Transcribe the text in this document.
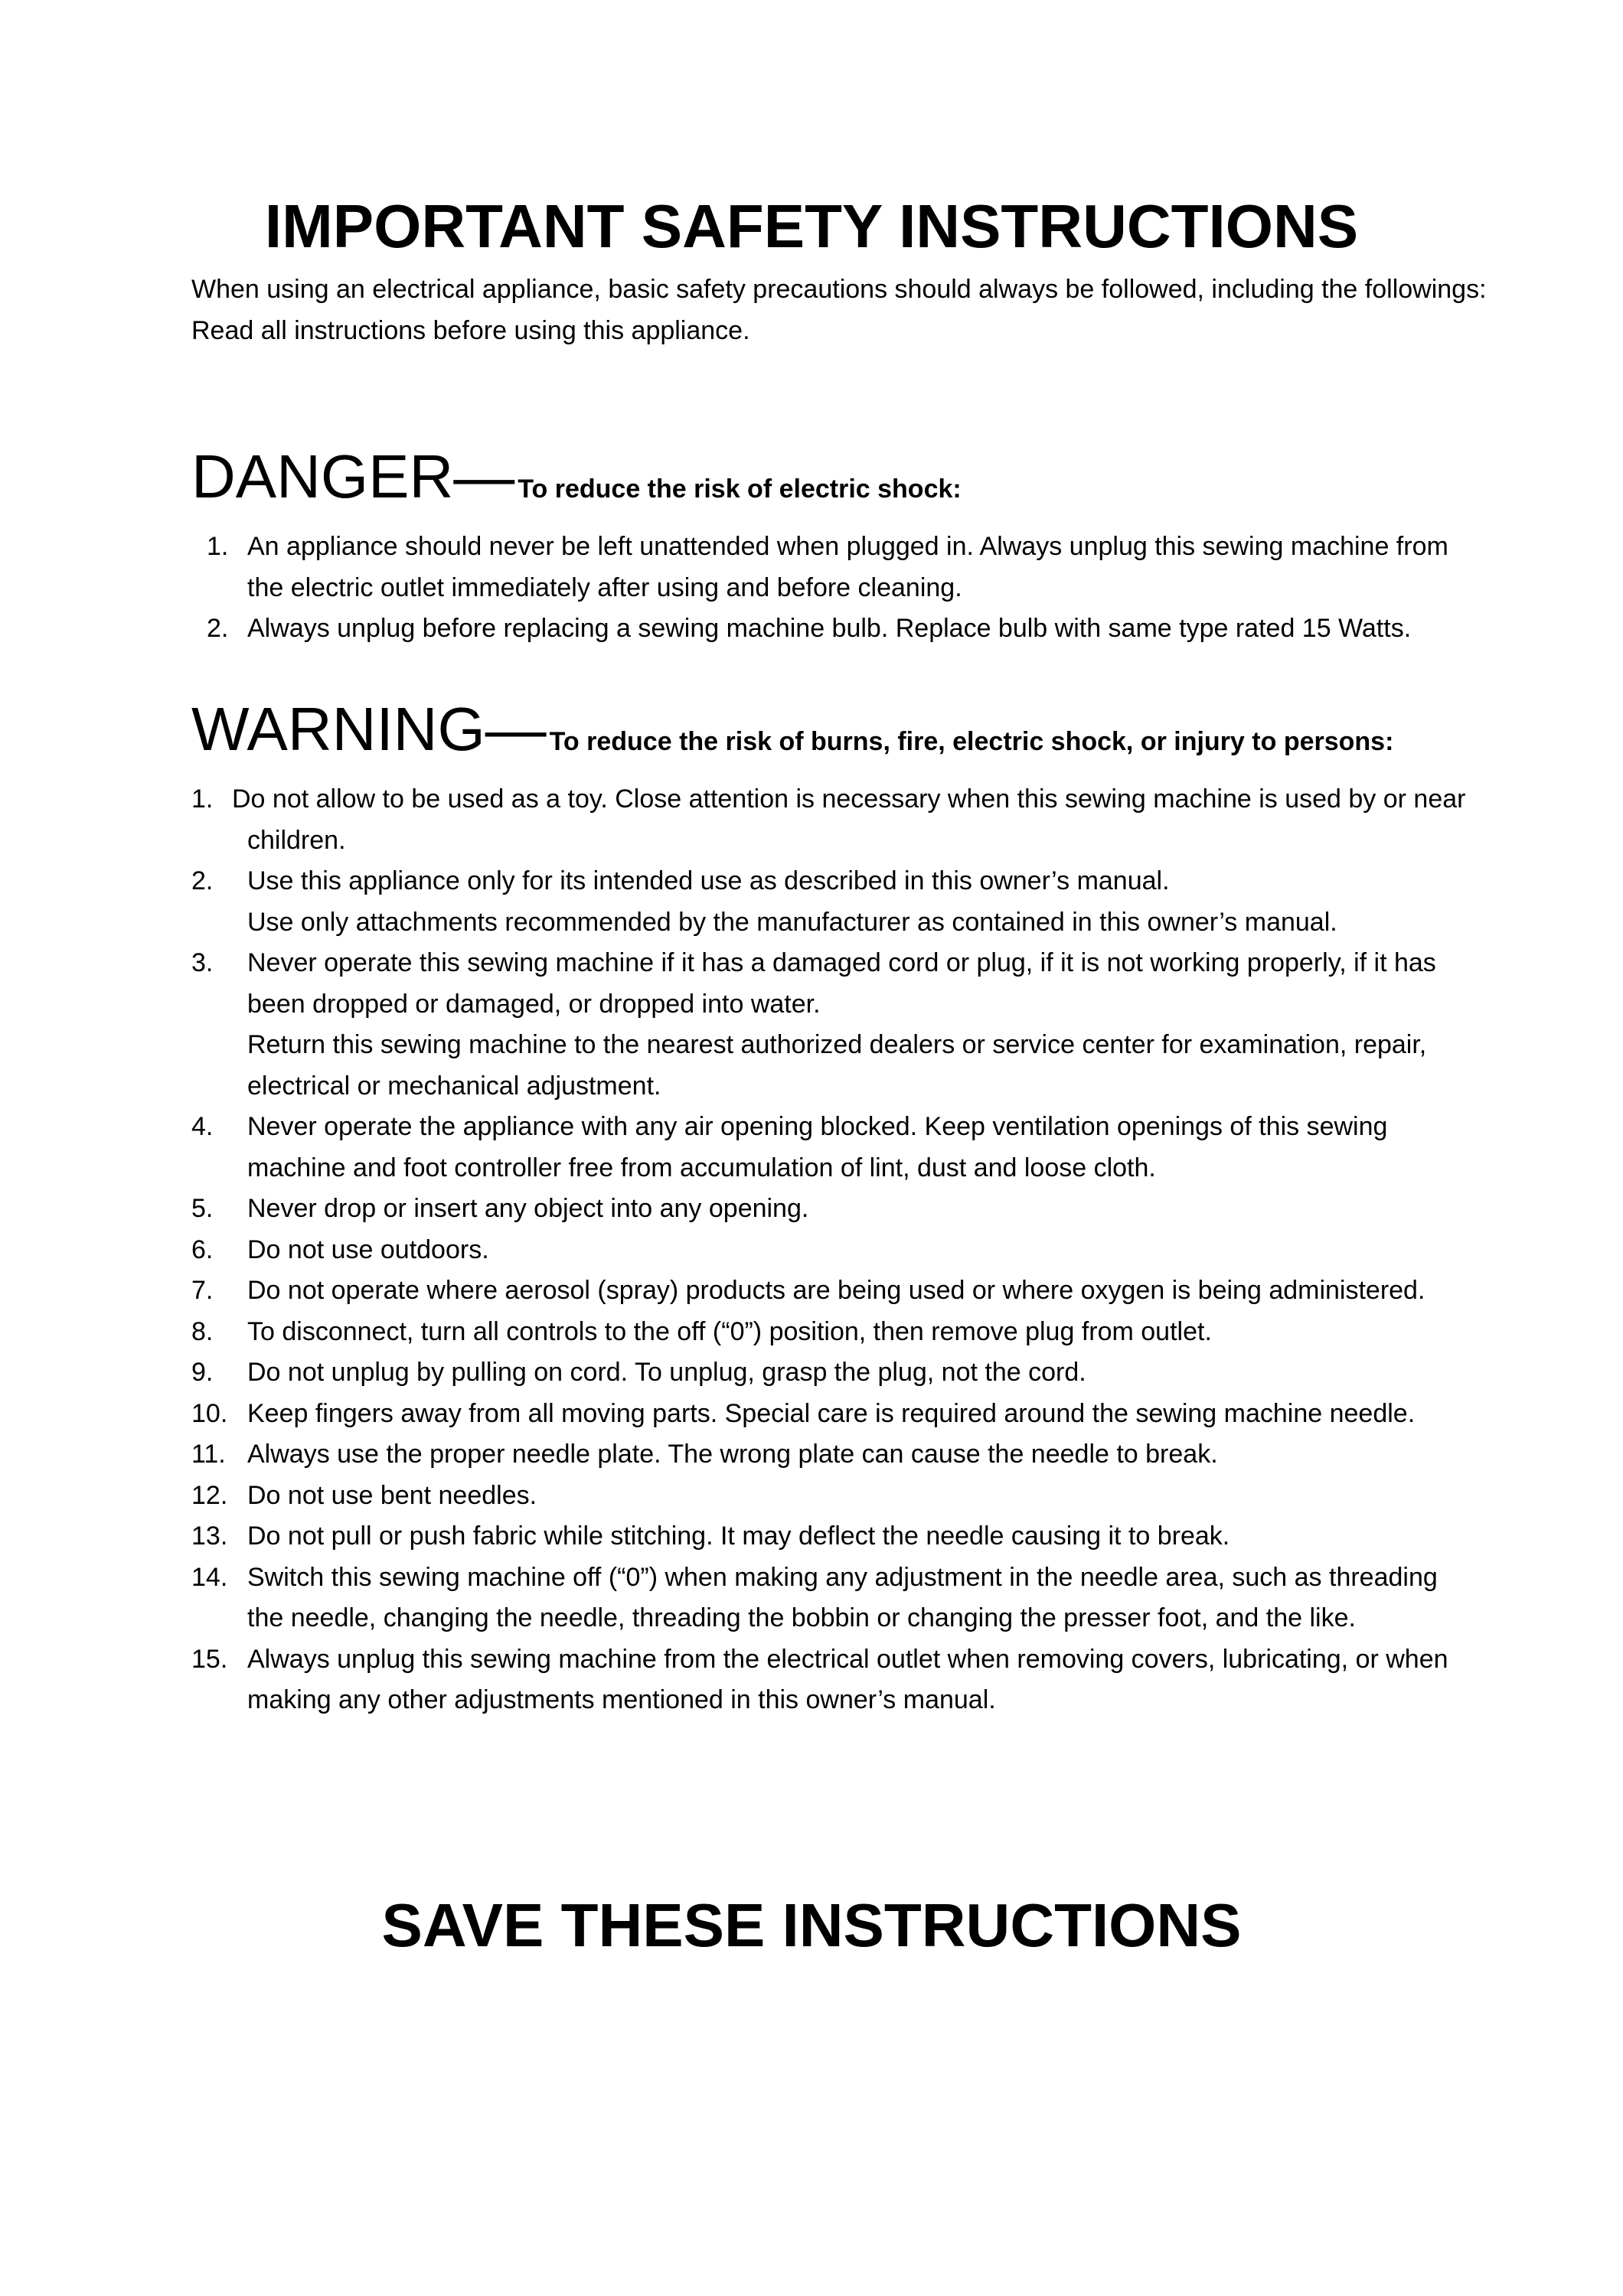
IMPORTANT SAFETY INSTRUCTIONS

When using an electrical appliance, basic safety precautions should always be followed, including the followings:

Read all instructions before using this appliance.

DANGER— To reduce the risk of electric shock:
1. An appliance should never be left unattended when plugged in. Always unplug this sewing machine from the electric outlet immediately after using and before cleaning.

2. Always unplug before replacing a sewing machine bulb. Replace bulb with same type rated 15 Watts.

WARNING— To reduce the risk of burns, fire, electric shock, or injury to persons:
1. Do not allow to be used as a toy. Close attention is necessary when this sewing machine is used by or near children.

2. Use this appliance only for its intended use as described in this owner’s manual.

Use only attachments recommended by the manufacturer as contained in this owner’s manual.

3. Never operate this sewing machine if it has a damaged cord or plug, if it is not working properly, if it has been dropped or damaged, or dropped into water.

Return this sewing machine to the nearest authorized dealers or service center for examination, repair, electrical or mechanical adjustment.

4. Never operate the appliance with any air opening blocked. Keep ventilation openings of this sewing machine and foot controller free from accumulation of lint, dust and loose cloth.

5. Never drop or insert any object into any opening.

6. Do not use outdoors.

7. Do not operate where aerosol (spray) products are being used or where oxygen is being administered.

8. To disconnect, turn all controls to the off (“0”) position, then remove plug from outlet.

9. Do not unplug by pulling on cord. To unplug, grasp the plug, not the cord.

10. Keep fingers away from all moving parts. Special care is required around the sewing machine needle.

11. Always use the proper needle plate. The wrong plate can cause the needle to break.

12. Do not use bent needles.

13. Do not pull or push fabric while stitching. It may deflect the needle causing it to break.

14. Switch this sewing machine off (“0”) when making any adjustment in the needle area, such as threading the needle, changing the needle, threading the bobbin or changing the presser foot, and the like.

15. Always unplug this sewing machine from the electrical outlet when removing covers, lubricating, or when making any other adjustments mentioned in this owner’s manual.

SAVE THESE INSTRUCTIONS
